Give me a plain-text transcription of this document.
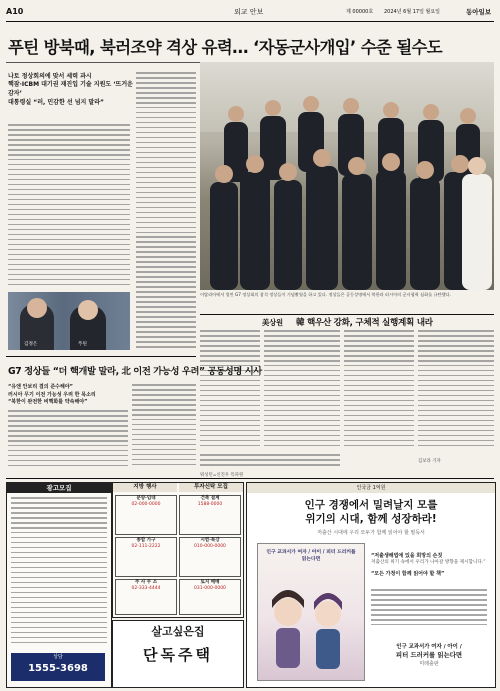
A10	외교 안보	제 00000호 2024년 6월 17일 월요일	동아일보
푸틴 방북때, 북러조약 격상 유력… ‘자동군사개입’ 수준 될수도
나토 정상회의에 맞서 세력 과시
핵잠·ICBM 대기권 재진입 기술 지원도 ‘뜨거운 감자’
대통령실 “러, 민감한 선 넘지 말라”
김정은	푸틴
이탈리아에서 열린 G7 정상회의 참석 정상들이 기념촬영을 하고 있다. 정상들은 공동성명에서 북한과 러시아의 군사협력 심화를 규탄했다.
美상원 韓 핵우산 강화, 구체적 실행계획 내라
G7 정상들 “더 핵개발 말라, 北 이전 가능성 우려” 공동성명 시사
“유엔 안보리 결의 준수해야”
러시아 무기 이전 가능성 우려 한 목소리
“북한이 완전한 비핵화를 약속해야”
워싱턴=신진우 특파원
김보라 기자
광고모집
상담
1555-3698
지방 행사	투자신탁 모집
분양·임대
02-000-0000
건축 설계
1588-0000
종합 가구
02-111-2222
시험·특강
010-000-0000
주 사 무 소
02-333-4444
토지 매매
031-000-0000
살고싶은집
단독주택
인국금 1억원
인구 경쟁에서 밀려날지 모를
위기의 시대, 함께 성장하라!
저출산 시대에 우리 모두가 함께 읽어야 할 필독서
인구 교과서가 여자 / 아이 / 피터 드러커를 읽는다면	“저출생해법에 있을 희망의 손짓
저출산의 위기 속에서 우리가 나아갈 방향을 제시합니다.”
“모든 가정이 함께 읽어야 할 책”
인구 교과서가 여자 / 아이 /
피터 드러커를 읽는다면
미래출판
